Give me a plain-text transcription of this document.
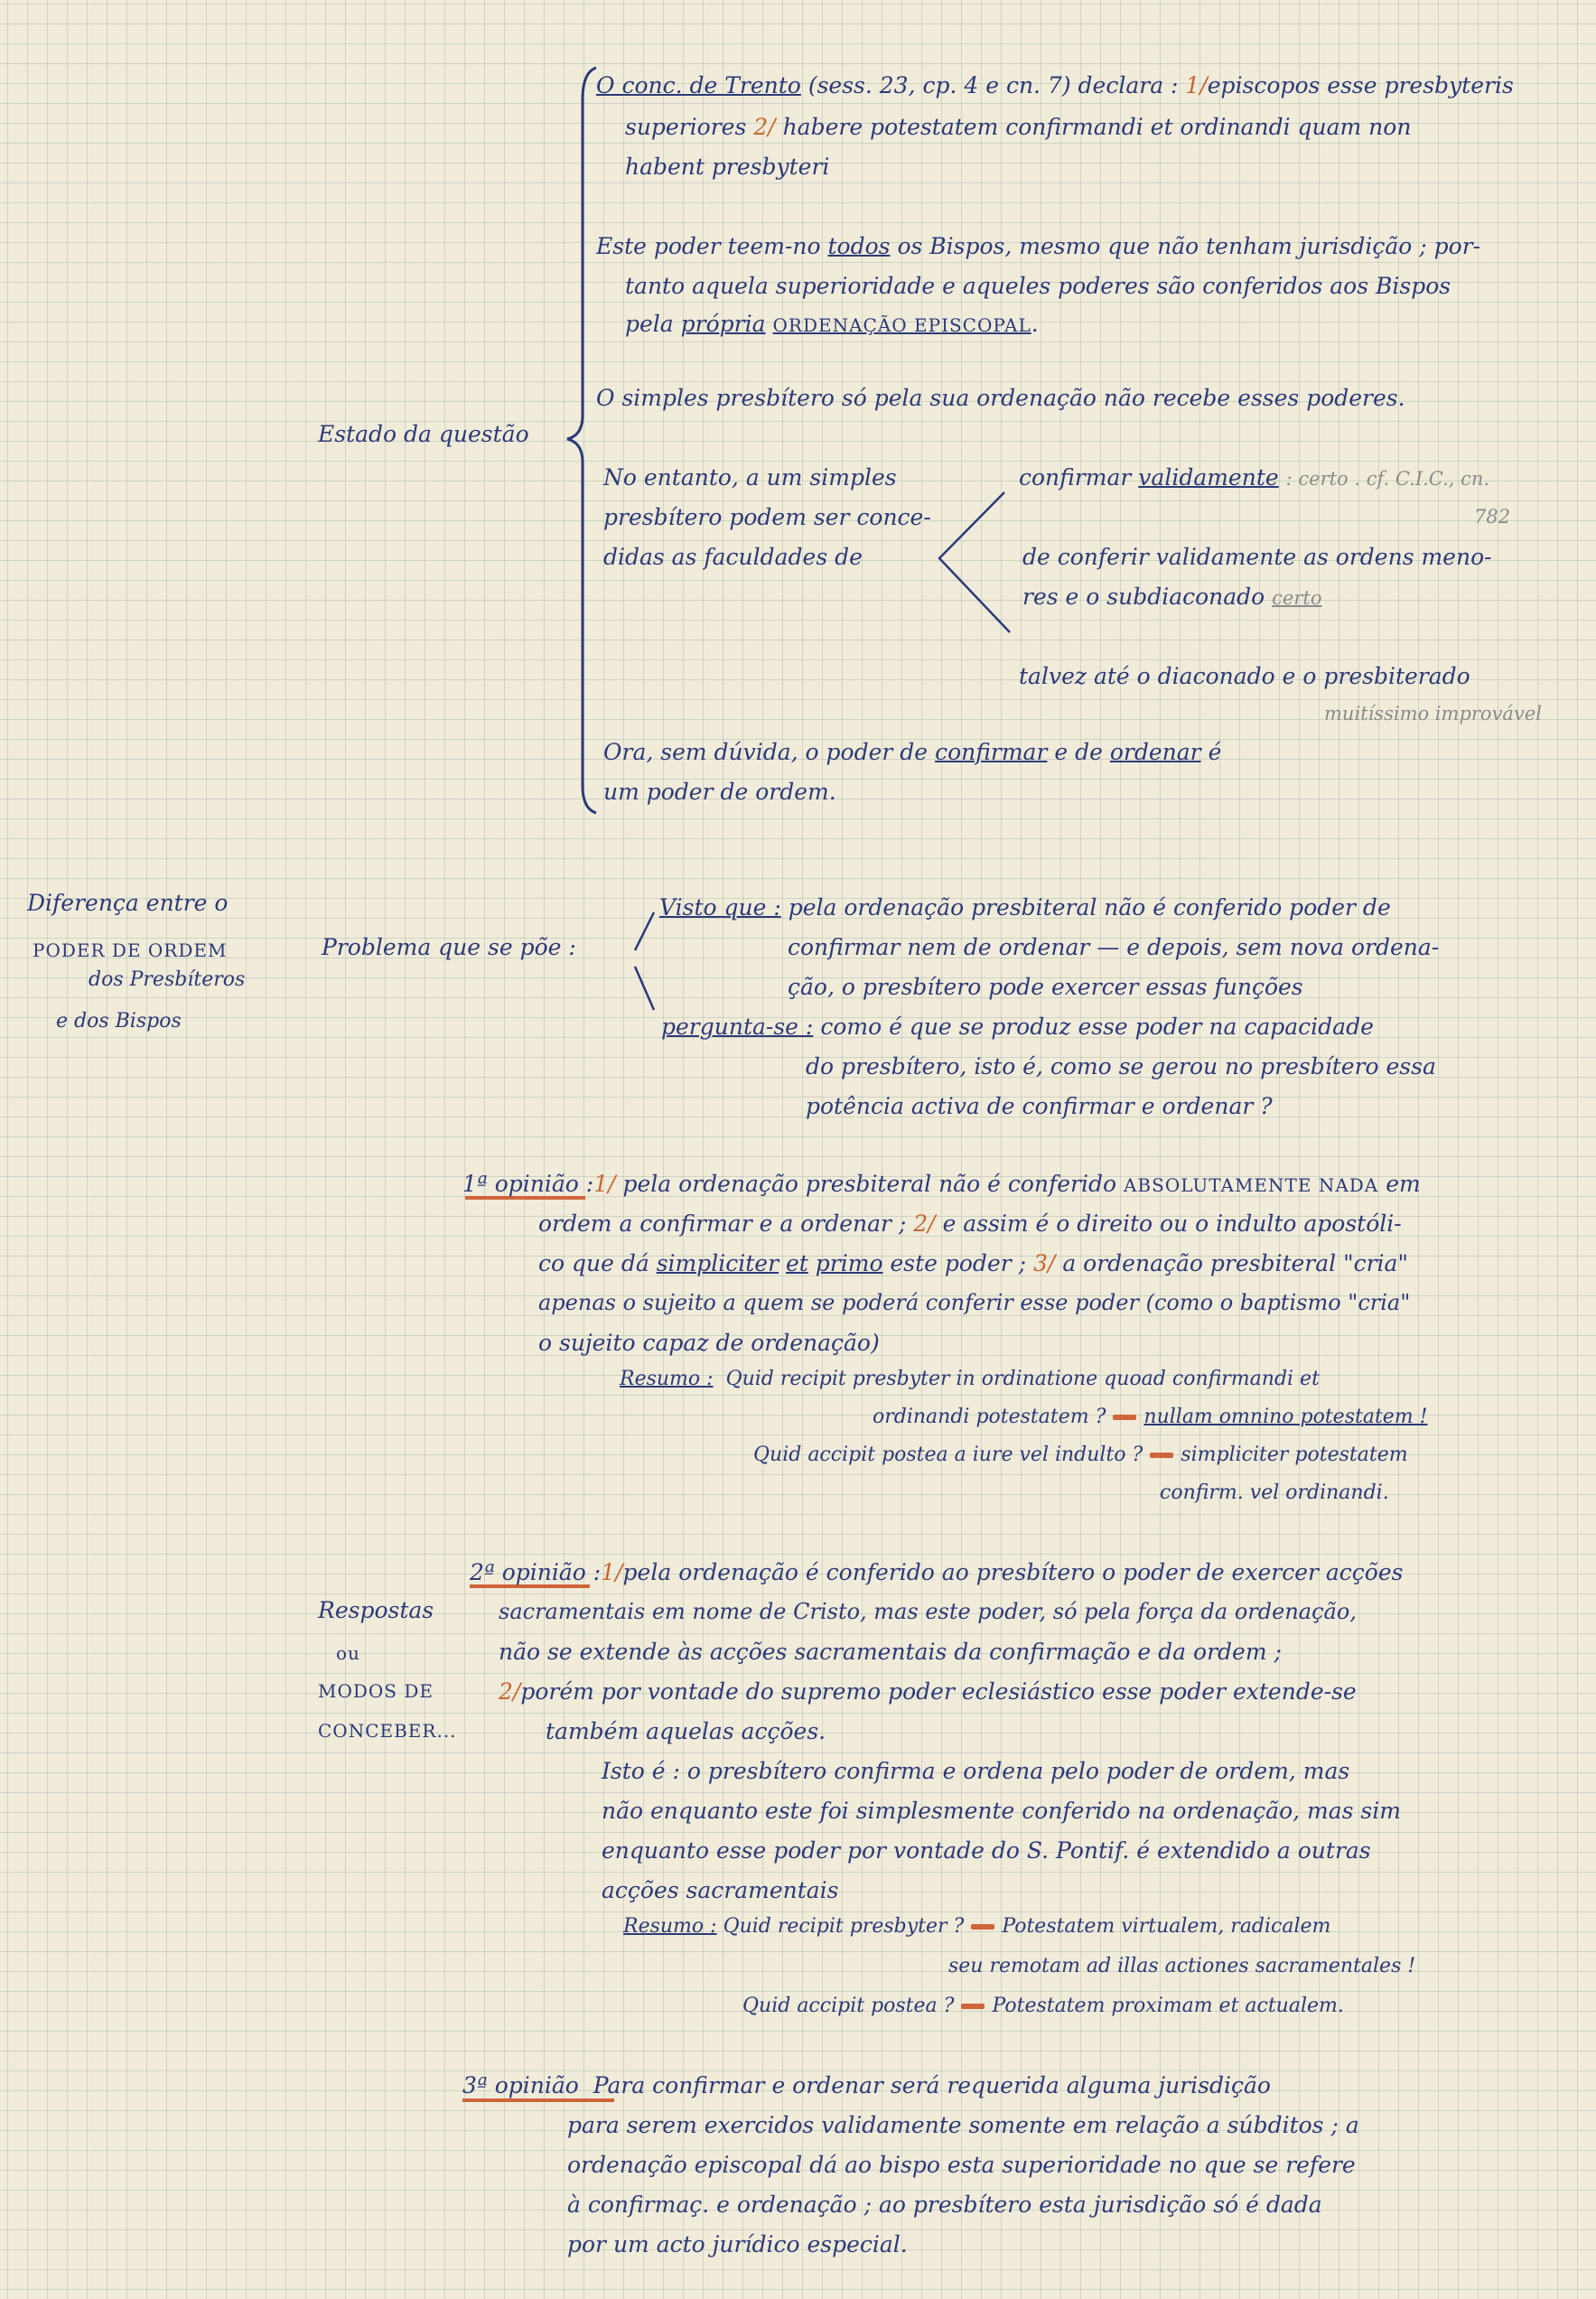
Diferença entre o
PODER DE ORDEM
dos Presbíteros
e dos Bispos
Estado da questão
O conc. de Trento (sess. 23, cp. 4 e cn. 7) declara : 1/episcopos esse presbyteris
superiores 2/ habere potestatem confirmandi et ordinandi quam non
habent presbyteri
Este poder teem-no todos os Bispos, mesmo que não tenham jurisdição ; por-
tanto aquela superioridade e aqueles poderes são conferidos aos Bispos
pela própria ORDENAÇÃO EPISCOPAL.
O simples presbítero só pela sua ordenação não recebe esses poderes.
No entanto, a um simples
presbítero podem ser conce-
didas as faculdades de
confirmar validamente : certo . cf. C.I.C., cn.
782
de conferir validamente as ordens meno-
res e o subdiaconado certo
talvez até o diaconado e o presbiterado
muitíssimo improvável
Ora, sem dúvida, o poder de confirmar e de ordenar é
um poder de ordem.
Problema que se põe :
Visto que : pela ordenação presbiteral não é conferido poder de
confirmar nem de ordenar — e depois, sem nova ordena-
ção, o presbítero pode exercer essas funções
pergunta-se : como é que se produz esse poder na capacidade
do presbítero, isto é, como se gerou no presbítero essa
potência activa de confirmar e ordenar ?
1ª opinião :1/ pela ordenação presbiteral não é conferido ABSOLUTAMENTE NADA em
ordem a confirmar e a ordenar ; 2/ e assim é o direito ou o indulto apostóli-
co que dá simpliciter et primo este poder ; 3/ a ordenação presbiteral "cria"
apenas o sujeito a quem se poderá conferir esse poder (como o baptismo "cria"
o sujeito capaz de ordenação)
Resumo : Quid recipit presbyter in ordinatione quoad confirmandi et
ordinandi potestatem ? nullam omnino potestatem !
Quid accipit postea a iure vel indulto ? simpliciter potestatem
confirm. vel ordinandi.
Respostas
ou
MODOS DE
CONCEBER...
2ª opinião :1/pela ordenação é conferido ao presbítero o poder de exercer acções
sacramentais em nome de Cristo, mas este poder, só pela força da ordenação,
não se extende às acções sacramentais da confirmação e da ordem ;
2/porém por vontade do supremo poder eclesiástico esse poder extende-se
também aquelas acções.
Isto é : o presbítero confirma e ordena pelo poder de ordem, mas
não enquanto este foi simplesmente conferido na ordenação, mas sim
enquanto esse poder por vontade do S. Pontif. é extendido a outras
acções sacramentais
Resumo : Quid recipit presbyter ? Potestatem virtualem, radicalem
seu remotam ad illas actiones sacramentales !
Quid accipit postea ? Potestatem proximam et actualem.
3ª opinião Para confirmar e ordenar será requerida alguma jurisdição
para serem exercidos validamente somente em relação a súbditos ; a
ordenação episcopal dá ao bispo esta superioridade no que se refere
à confirmaç. e ordenação ; ao presbítero esta jurisdição só é dada
por um acto jurídico especial.
